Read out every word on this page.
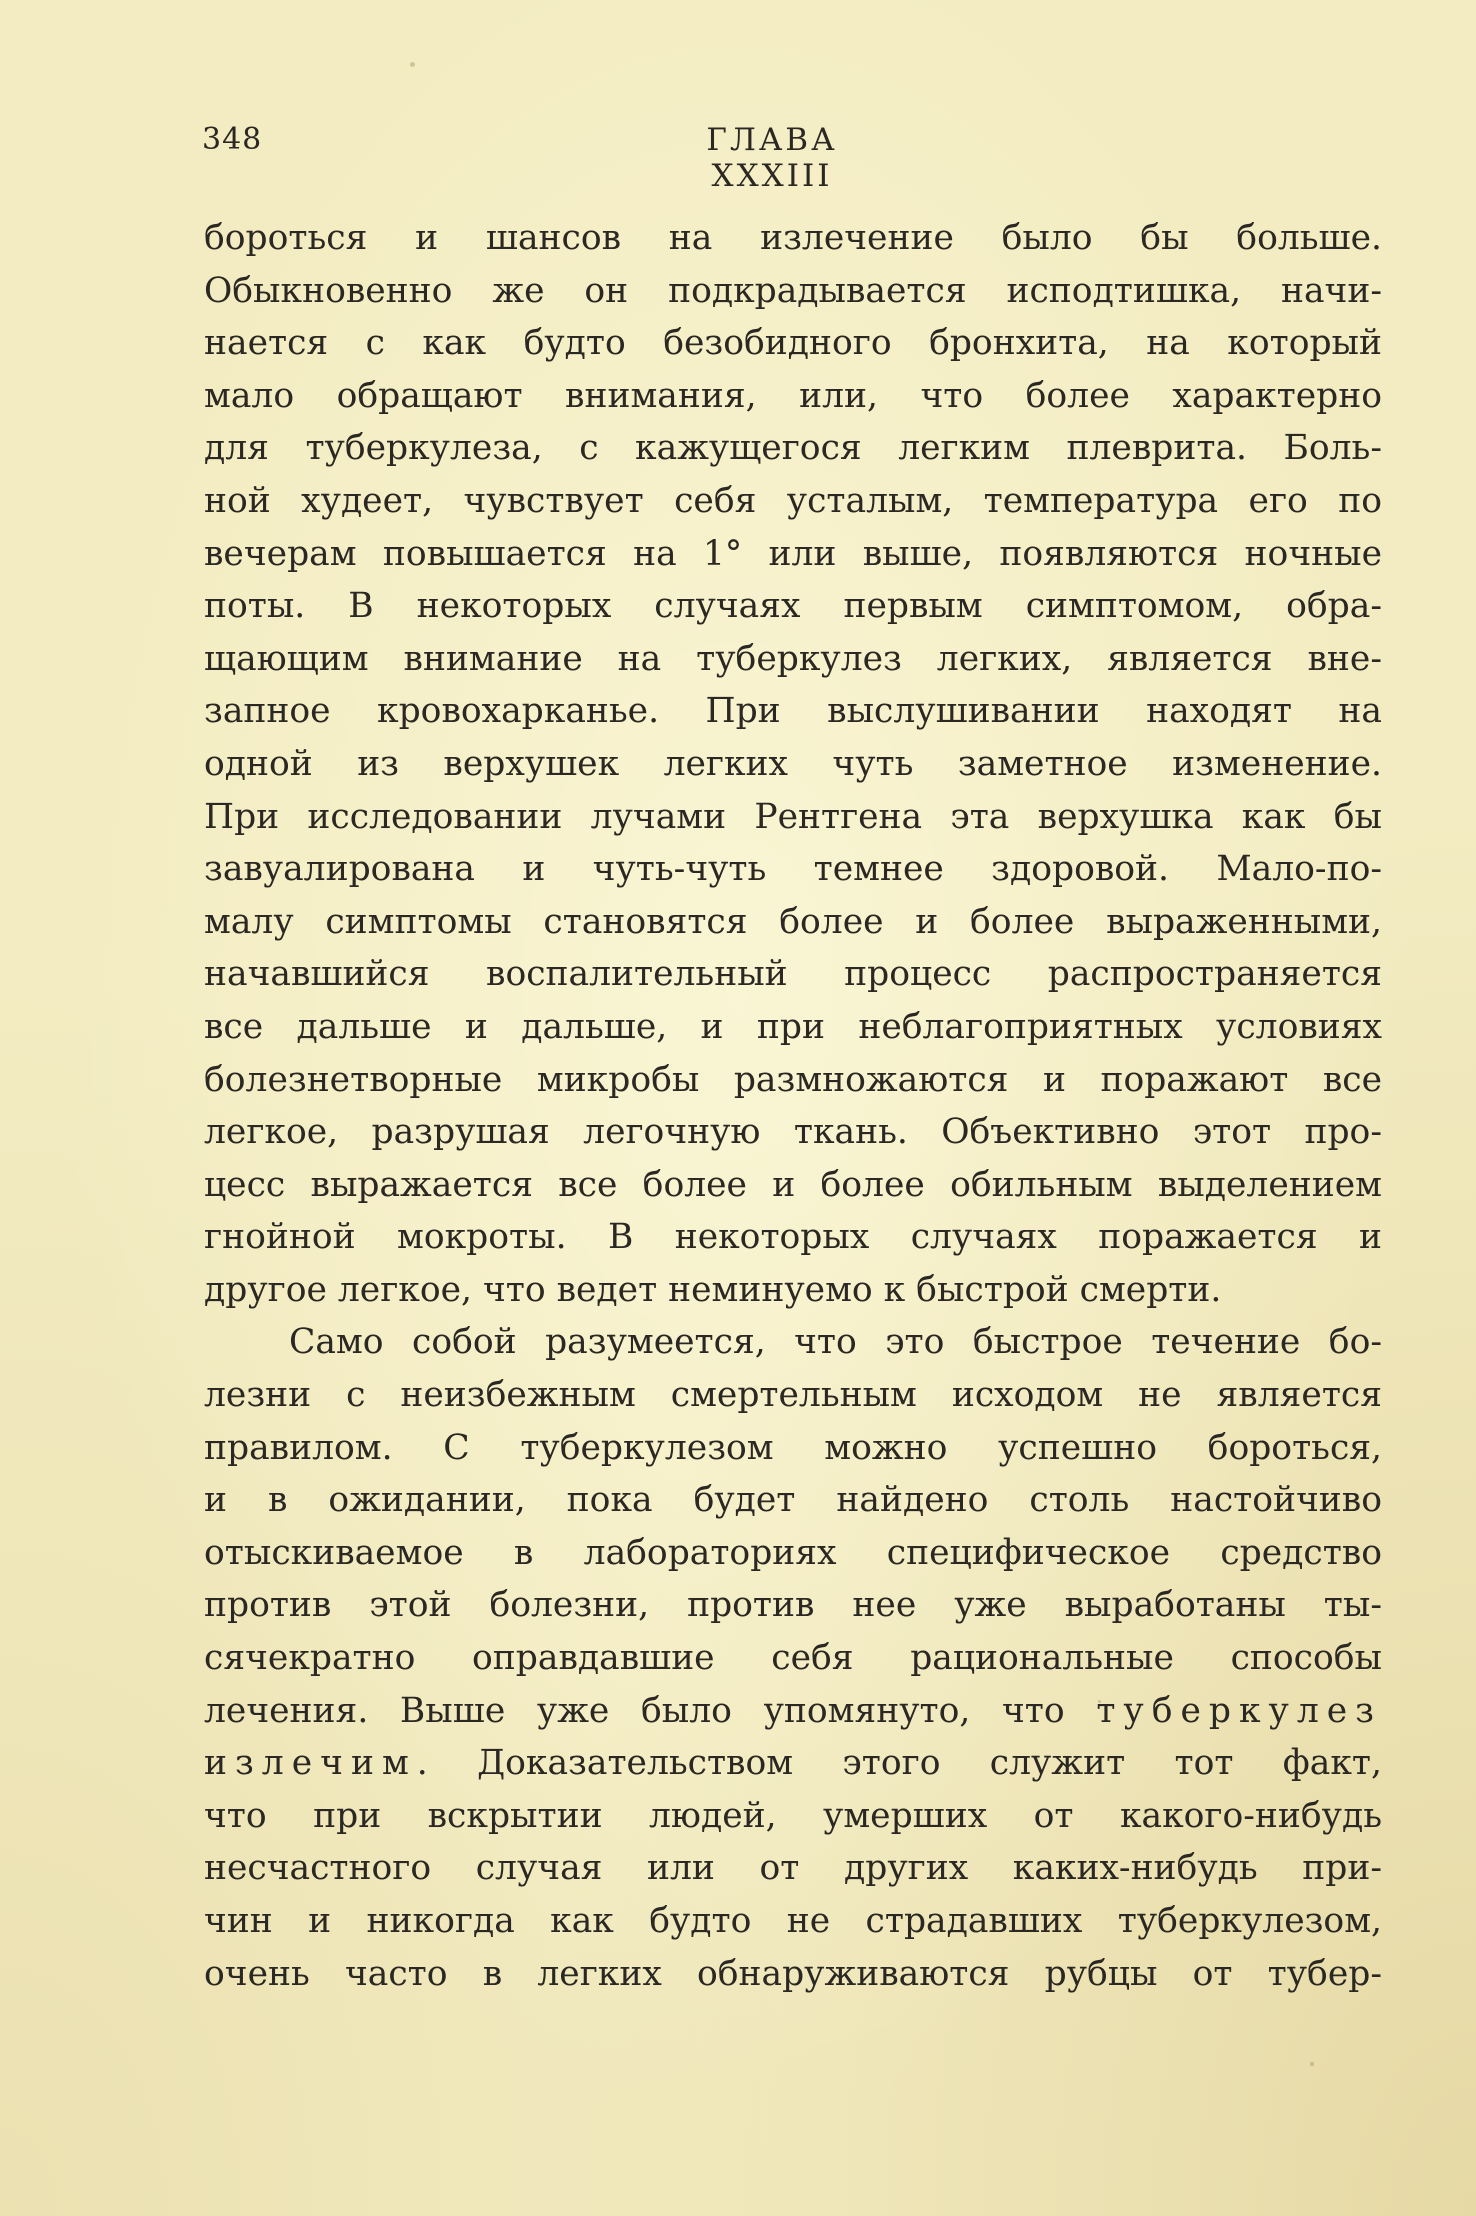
348	ГЛАВА XXXIII
бороться и шансов на излечение было бы больше.
Обыкновенно же он подкрадывается исподтишка, начи-
нается с как будто безобидного бронхита, на который
мало обращают внимания, или, что более характерно
для туберкулеза, с кажущегося легким плеврита. Боль-
ной худеет, чувствует себя усталым, температура его по
вечерам повышается на 1° или выше, появляются ночные
поты. В некоторых случаях первым симптомом, обра-
щающим внимание на туберкулез легких, является вне-
запное кровохарканье. При выслушивании находят на
одной из верхушек легких чуть заметное изменение.
При исследовании лучами Рентгена эта верхушка как бы
завуалирована и чуть-чуть темнее здоровой. Мало-по-
малу симптомы становятся более и более выраженными,
начавшийся воспалительный процесс распространяется
все дальше и дальше, и при неблагоприятных условиях
болезнетворные микробы размножаются и поражают все
легкое, разрушая легочную ткань. Объективно этот про-
цесс выражается все более и более обильным выделением
гнойной мокроты. В некоторых случаях поражается и
другое легкое, что ведет неминуемо к быстрой смерти.
Само собой разумеется, что это быстрое течение бо-
лезни с неизбежным смертельным исходом не является
правилом. С туберкулезом можно успешно бороться,
и в ожидании, пока будет найдено столь настойчиво
отыскиваемое в лабораториях специфическое средство
против этой болезни, против нее уже выработаны ты-
сячекратно оправдавшие себя рациональные способы
лечения. Выше уже было упомянуто, что туберкулез
излечим. Доказательством этого служит тот факт,
что при вскрытии людей, умерших от какого-нибудь
несчастного случая или от других каких-нибудь при-
чин и никогда как будто не страдавших туберкулезом,
очень часто в легких обнаруживаются рубцы от тубер-
